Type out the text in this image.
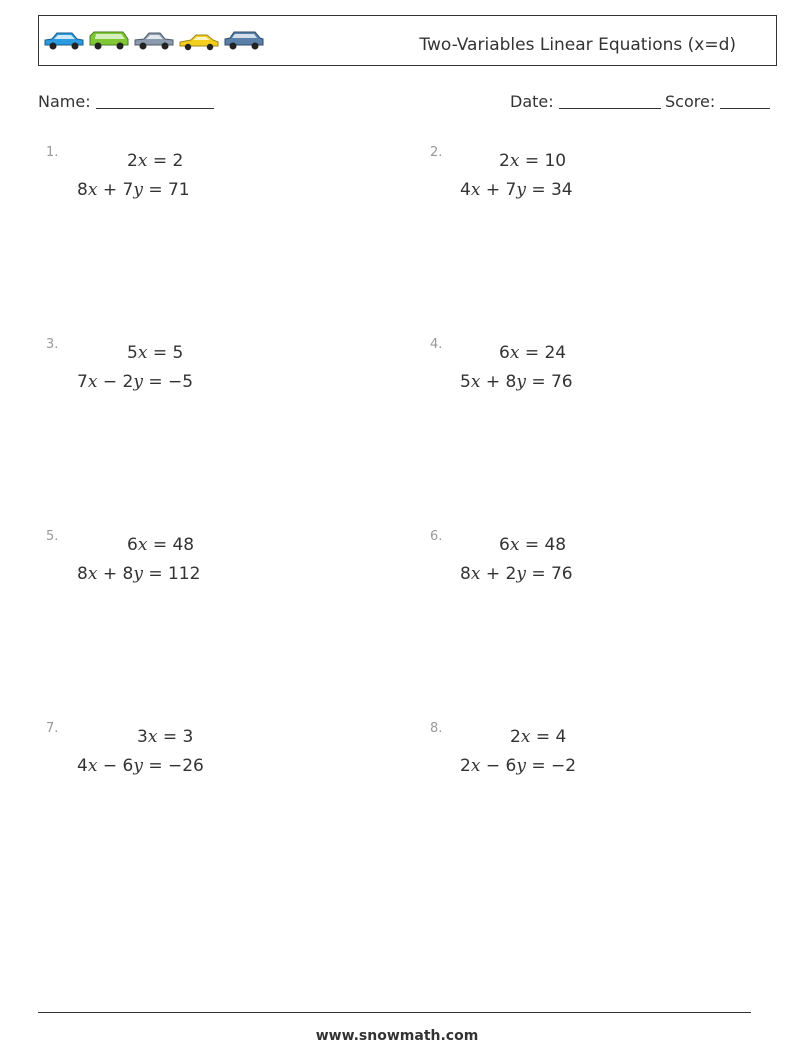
Two-Variables Linear Equations (x=d)
Name:	Date:	Score:
1.	2x = 2
8x + 7y = 71
2.	2x = 10
4x + 7y = 34
3.	5x = 5
7x − 2y = −5
4.	6x = 24
5x + 8y = 76
5.	6x = 48
8x + 8y = 112
6.	6x = 48
8x + 2y = 76
7.	3x = 3
4x − 6y = −26
8.	2x = 4
2x − 6y = −2
www.snowmath.com
